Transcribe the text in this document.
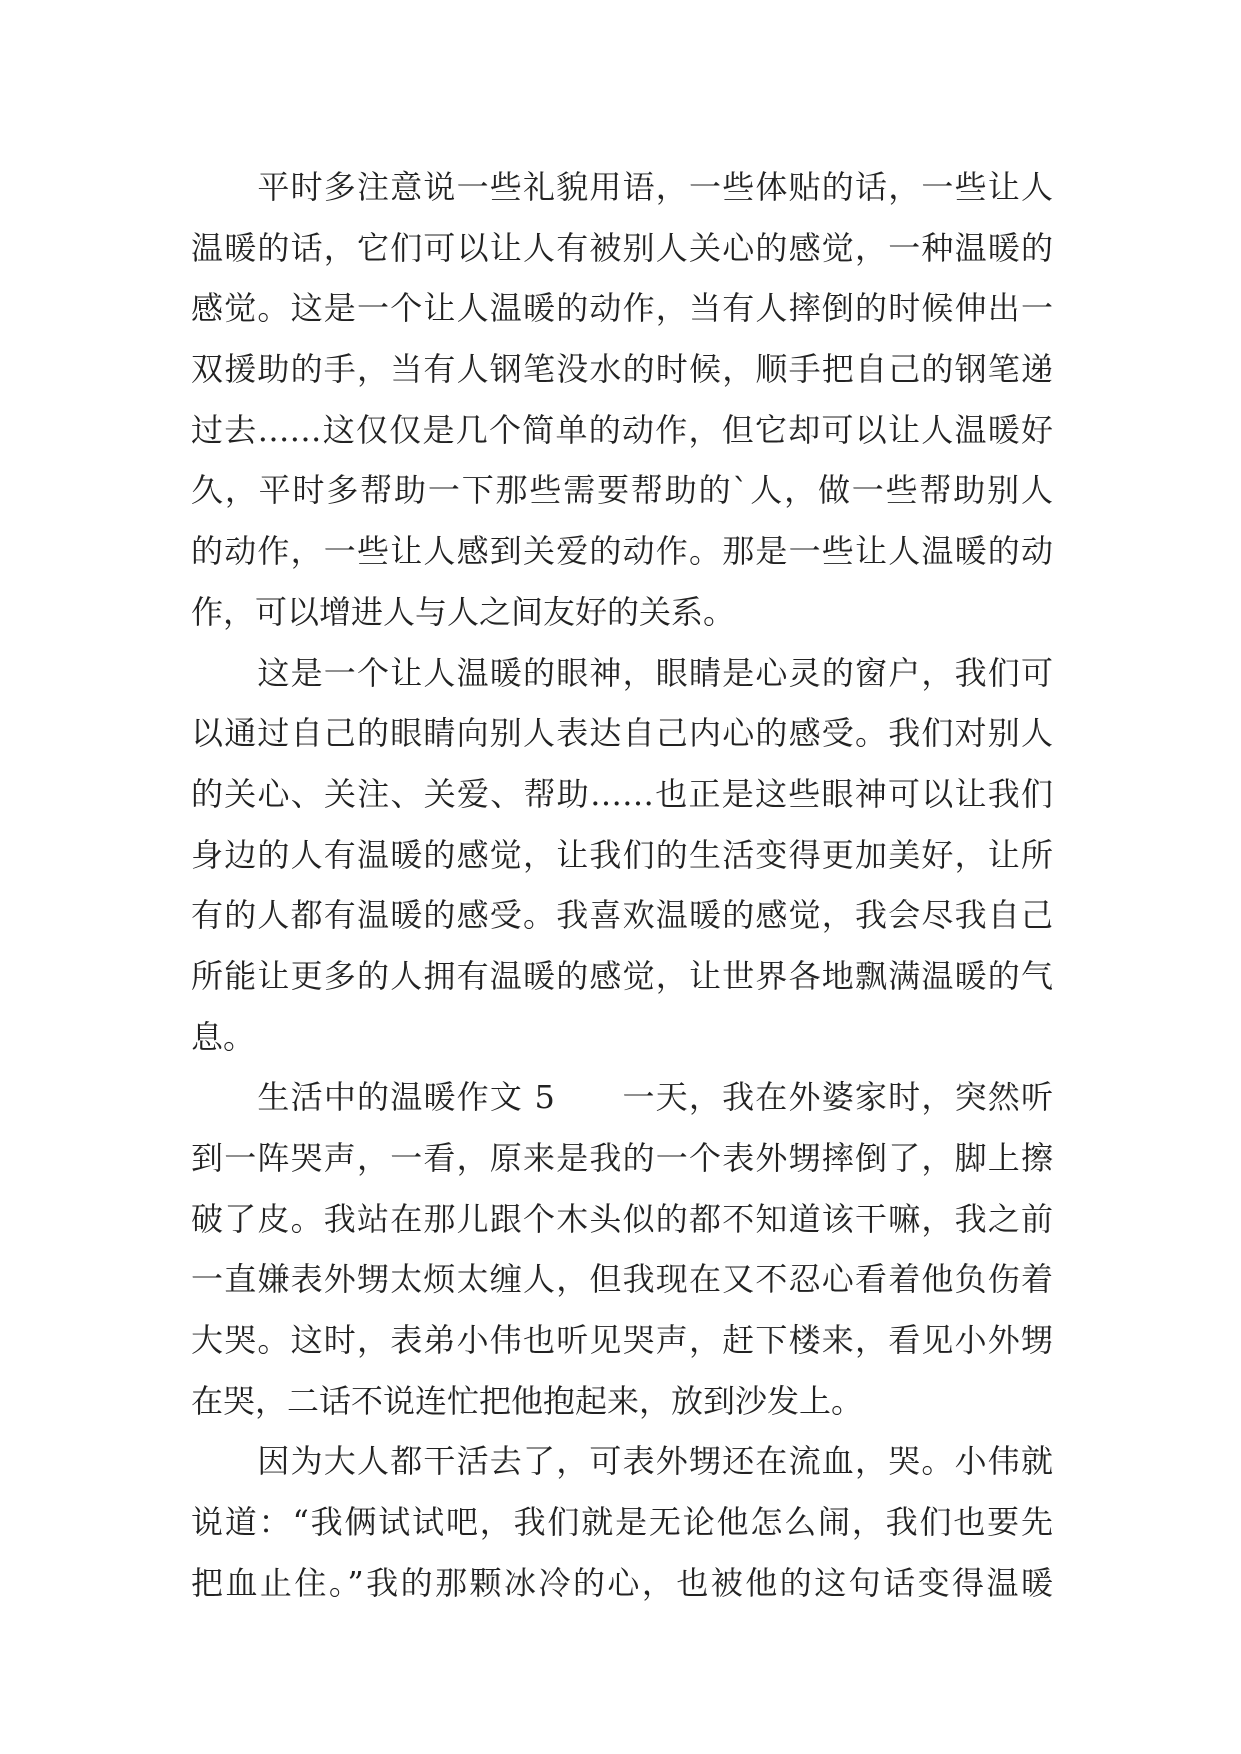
　　平时多注意说一些礼貌用语，一些体贴的话，一些让人
温暖的话，它们可以让人有被别人关心的感觉，一种温暖的
感觉。这是一个让人温暖的动作，当有人摔倒的时候伸出一
双援助的手，当有人钢笔没水的时候，顺手把自己的钢笔递
过去……这仅仅是几个简单的动作，但它却可以让人温暖好
久，平时多帮助一下那些需要帮助的`人，做一些帮助别人
的动作，一些让人感到关爱的动作。那是一些让人温暖的动
作，可以增进人与人之间友好的关系。
　　这是一个让人温暖的眼神，眼睛是心灵的窗户，我们可
以通过自己的眼睛向别人表达自己内心的感受。我们对别人
的关心、关注、关爱、帮助……也正是这些眼神可以让我们
身边的人有温暖的感觉，让我们的生活变得更加美好，让所
有的人都有温暖的感受。我喜欢温暖的感觉，我会尽我自己
所能让更多的人拥有温暖的感觉，让世界各地飘满温暖的气
息。
　　生活中的温暖作文 5　　一天，我在外婆家时，突然听
到一阵哭声，一看，原来是我的一个表外甥摔倒了，脚上擦
破了皮。我站在那儿跟个木头似的都不知道该干嘛，我之前
一直嫌表外甥太烦太缠人，但我现在又不忍心看着他负伤着
大哭。这时，表弟小伟也听见哭声，赶下楼来，看见小外甥
在哭，二话不说连忙把他抱起来，放到沙发上。
　　因为大人都干活去了，可表外甥还在流血，哭。小伟就
说道：“我俩试试吧，我们就是无论他怎么闹，我们也要先
把血止住。”我的那颗冰冷的心，也被他的这句话变得温暖
